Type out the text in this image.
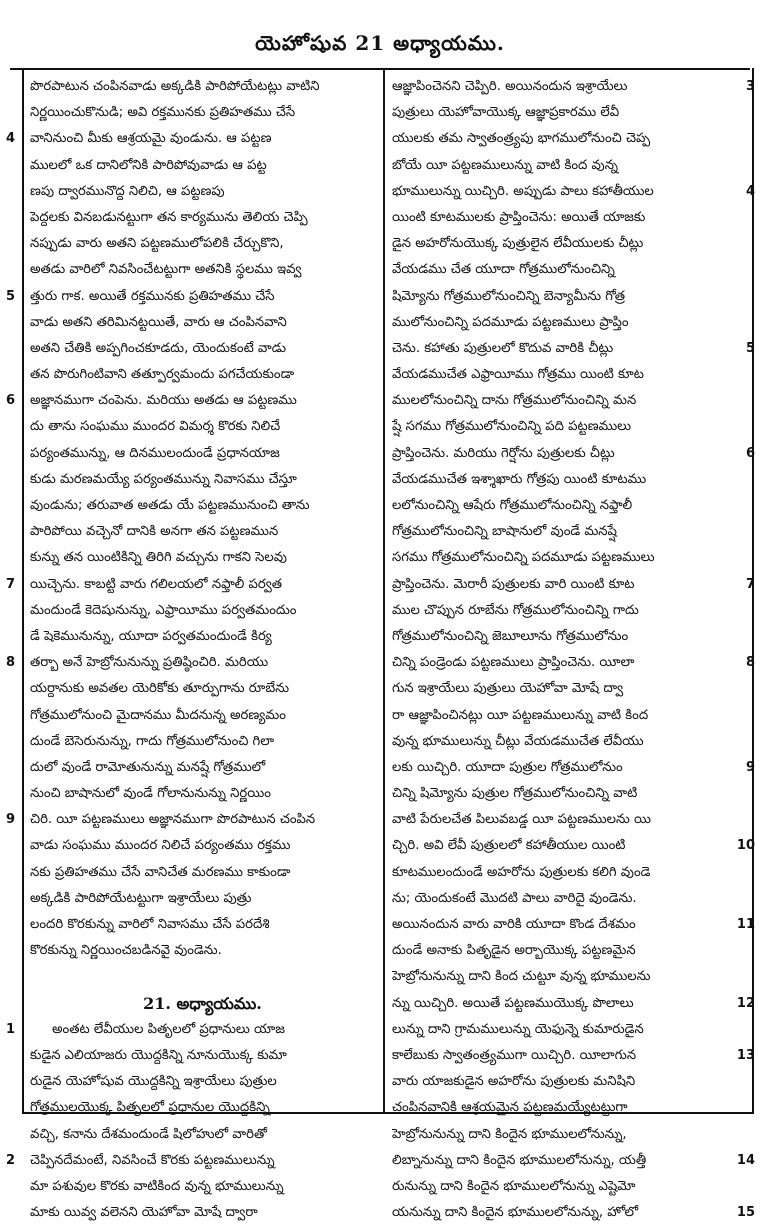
యెహోషువ 21 అధ్యాయము.
పొరపాటున చంపినవాడు అక్కడికి పారిపోయేటట్లు వాటిని
నిర్ణయించుకొనుడి; అవి రక్తమునకు ప్రతిహతము చేసే
వానినుంచి మీకు ఆశ్రయమై వుండును. ఆ పట్టణ
4
ములలో ఒక దానిలోనికి పారిపోవువాడు ఆ పట్ట
ణపు ద్వారమునొద్ద నిలిచి, ఆ పట్టణపు
పెద్దలకు వినబడునట్టుగా తన కార్యమును తెలియ చెప్పి
నప్పుడు వారు అతని పట్టణములోపలికి చేర్చుకొని,
అతడు వారిలో నివసించేటట్టుగా అతనికి స్థలము ఇవ్వ
త్తురు గాక. అయితే రక్తమునకు ప్రతిహతము చేసే
5
వాడు అతని తరిమినట్టయితే, వారు ఆ చంపినవాని
అతని చేతికి అప్పగించకూడదు, యెందుకంటే వాడు
తన పొరుగింటివాని తత్పూర్వమందు పగచేయకుండా
అజ్ఞానముగా చంపెను. మరియు అతడు ఆ పట్టణము
6
దు తాను సంఘము ముందర విమర్శ కొరకు నిలిచే
పర్యంతమున్ను, ఆ దినములందుండే ప్రధానయాజ
కుడు మరణమయ్యే పర్యంతమున్ను నివాసము చేస్తూ
వుండును; తరువాత అతడు యే పట్టణమునుంచి తాను
పారిపోయి వచ్చెనో దానికి అనగా తన పట్టణమున
కున్ను తన యింటికిన్ని తిరిగి వచ్చును గాకని సెలవు
యిచ్చెను. కాబట్టి వారు గలిలయలో నఫ్తాలీ పర్వత
7
మందుండే కెదెషునున్ను, ఎఫ్రాయీము పర్వతమందుం
డే షెకెమునున్ను, యూదా పర్వతమందుండే కిర్య
తర్బా అనే హెబ్రోనునున్ను ప్రతిష్ఠించిరి. మరియు
8
యర్దానుకు అవతల యెరికోకు తూర్పుగాను రూబేను
గోత్రములోనుంచి మైదానము మీదనున్న అరణ్యమం
దుండే బెసెరునున్ను, గాదు గోత్రములోనుంచి గిలా
దులో వుండే రామోతునున్ను మనష్షే గోత్రములో
నుంచి బాషానులో వుండే గోలానునున్ను నిర్ణయిం
చిరి. యీ పట్టణములు అజ్ఞానముగా పొరపాటున చంపిన
9
వాడు సంఘము ముందర నిలిచే పర్యంతము రక్తము
నకు ప్రతిహతము చేసే వానిచేత మరణము కాకుండా
అక్కడికి పారిపోయేటట్టుగా ఇశ్రాయేలు పుత్రు
లందరి కొరకున్ను వారిలో నివాసము చేసే పరదేశి
కొరకున్ను నిర్ణయించబడినవై వుండెను.
21. అధ్యాయము.
అంతట లేవీయుల పితృలలో ప్రధానులు యాజ
1
కుడైన ఎలియాజరు యొద్దకిన్ని నూనుయొక్క కుమా
రుడైన యెహోషువ యొద్దకిన్ని ఇశ్రాయేలు పుత్రుల
గోత్రములయొక్క పితృలలో ప్రధానుల యొద్దకిన్ని
వచ్చి, కనాను దేశమందుండే షిలోహులో వారితో
చెప్పినదేమంటే, నివసించే కొరకు పట్టణములున్ను
2
మా పశువుల కొరకు వాటికింద వున్న భూములున్ను
మాకు యివ్వ వలెనని యెహోవా మోషే ద్వారా
ఆజ్ఞాపించెనని చెప్పిరి. అయినందున ఇశ్రాయేలు	3
పుత్రులు యెహోవాయొక్క ఆజ్ఞాప్రకారము లేవీ
యులకు తమ స్వాతంత్ర్యపు భాగములోనుంచి చెప్ప
బోయే యీ పట్టణములున్ను వాటి కింద వున్న
భూములున్ను యిచ్చిరి. అప్పుడు పాలు కహాతీయుల	4
యింటి కూటములకు ప్రాప్తించెను: అయితే యాజకు
డైన అహరోనుయొక్క పుత్రులైన లేవీయులకు చీట్లు
వేయడము చేత యూదా గోత్రములోనుంచిన్ని
షిమ్యోను గోత్రములోనుంచిన్ని బెన్యామీను గోత్ర
ములోనుంచిన్ని పదమూడు పట్టణములు ప్రాప్తిం
చెను. కహాతు పుత్రులలో కొదువ వారికి చీట్లు	5
వేయడముచేత ఎఫ్రాయీము గోత్రము యింటి కూట
ములలోనుంచిన్ని దాను గోత్రములోనుంచిన్ని మన
ష్షే సగము గోత్రములోనుంచిన్ని పది పట్టణములు
ప్రాప్తించెను. మరియు గెర్షోను పుత్రులకు చీట్లు	6
వేయడముచేత ఇశ్శాఖారు గోత్రపు యింటి కూటము
లలోనుంచిన్ని ఆషేరు గోత్రములోనుంచిన్ని నఫ్తాలీ
గోత్రములోనుంచిన్ని బాషానులో వుండే మనష్షే
సగము గోత్రములోనుంచిన్ని పదమూడు పట్టణములు
ప్రాప్తించెను. మెరారీ పుత్రులకు వారి యింటి కూట	7
ముల చొప్పున రూబేను గోత్రములోనుంచిన్ని గాదు
గోత్రములోనుంచిన్ని జెబూలూను గోత్రములోనుం
చిన్ని పండ్రెండు పట్టణములు ప్రాప్తించెను. యీలా	8
గున ఇశ్రాయేలు పుత్రులు యెహోవా మోషే ద్వా
రా ఆజ్ఞాపించినట్లు యీ పట్టణములున్ను వాటి కింద
వున్న భూములున్ను చీట్లు వేయడముచేత లేవీయు
లకు యిచ్చిరి. యూదా పుత్రుల గోత్రములోనుం	9
చిన్ని షిమ్యోను పుత్రుల గోత్రములోనుంచిన్ని వాటి
వాటి పేరులచేత పిలువబడ్డ యీ పట్టణములను యి
చ్చిరి. అవి లేవీ పుత్రులలో కహాతీయుల యింటి	10
కూటములందుండే అహరోను పుత్రులకు కలిగి వుండె
ను; యెందుకంటే మొదటి పాలు వారిదై వుండెను.
అయినందున వారు వారికి యూదా కొండ దేశమం	11
దుండే అనాకు పితృడైన అర్బాయొక్క పట్టణమైన
హెబ్రోనునున్ను దాని కింద చుట్టూ వున్న భూములను
న్ను యిచ్చిరి. అయితే పట్టణముయొక్క పొలాలు	12
లున్ను దాని గ్రామములున్ను యెఫున్నె కుమారుడైన
కాలేబుకు స్వాతంత్ర్యముగా యిచ్చిరి. యీలాగున	13
వారు యాజకుడైన అహరోను పుత్రులకు మనిషిని
చంపినవానికి ఆశ్రయమైన పట్టణమయ్యేటట్టుగా
హెబ్రోనునున్ను దాని కిందైన భూములలోనున్ను,
లిబ్నానున్ను దాని కిందైన భూములలోనున్ను, యత్తీ	14
రునున్ను దాని కిందైన భూములలోనున్ను ఎష్టెమో
యనున్ను దాని కిందైన భూములలోనున్ను, హోలో	15
